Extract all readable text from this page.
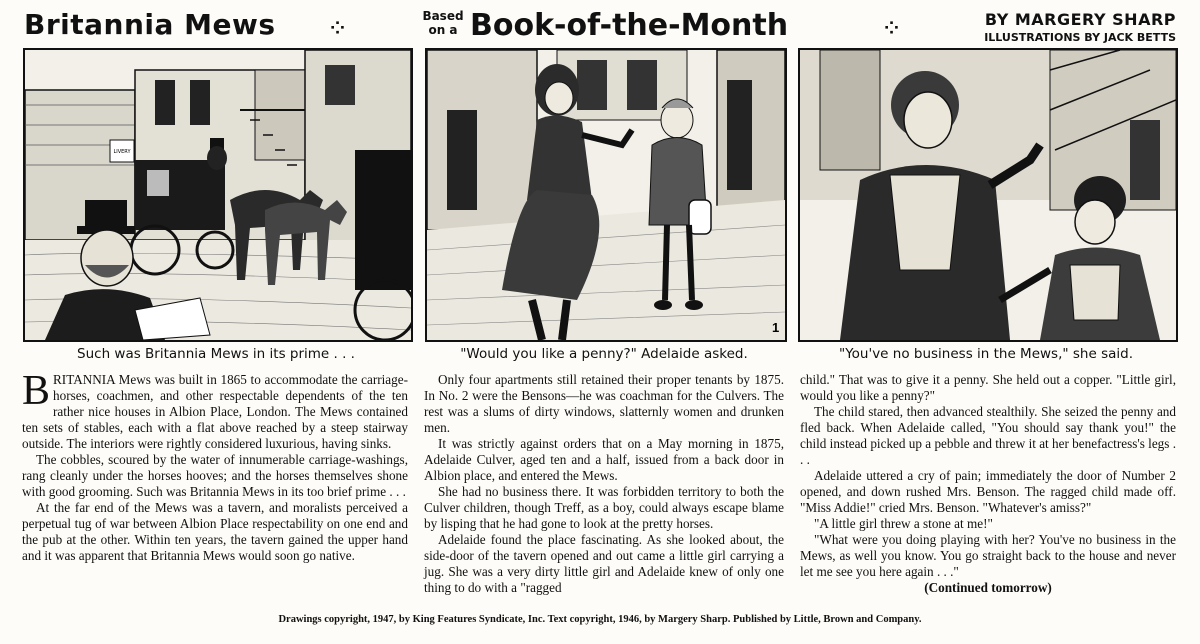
Britannia Mews	⁘
Based on a Book-of-the-Month	⁘	BY MARGERY SHARP
ILLUSTRATIONS BY JACK BETTS
LIVERY
1
Such was Britannia Mews in its prime . . .	"Would you like a penny?" Adelaide asked.	"You've no business in the Mews," she said.

BRITANNIA Mews was built in 1865 to accommodate the carriage-horses, coachmen, and other respectable dependents of the ten rather nice houses in Albion Place, London. The Mews contained ten sets of stables, each with a flat above reached by a steep stairway outside. The interiors were rightly considered luxurious, having sinks.

The cobbles, scoured by the water of innumerable carriage-washings, rang cleanly under the horses hooves; and the horses themselves shone with good grooming. Such was Britannia Mews in its too brief prime . . .

At the far end of the Mews was a tavern, and moralists perceived a perpetual tug of war between Albion Place respectability on one end and the pub at the other. Within ten years, the tavern gained the upper hand and it was apparent that Britannia Mews would soon go native.

Only four apartments still retained their proper tenants by 1875. In No. 2 were the Bensons—he was coachman for the Culvers. The rest was a slums of dirty windows, slatternly women and drunken men.

It was strictly against orders that on a May morning in 1875, Adelaide Culver, aged ten and a half, issued from a back door in Albion place, and entered the Mews.

She had no business there. It was forbidden territory to both the Culver children, though Treff, as a boy, could always escape blame by lisping that he had gone to look at the pretty horses.

Adelaide found the place fascinating. As she looked about, the side-door of the tavern opened and out came a little girl carrying a jug. She was a very dirty little girl and Adelaide knew of only one thing to do with a "ragged

child." That was to give it a penny. She held out a copper. "Little girl, would you like a penny?"

The child stared, then advanced stealthily. She seized the penny and fled back. When Adelaide called, "You should say thank you!" the child instead picked up a pebble and threw it at her benefactress's legs . . .

Adelaide uttered a cry of pain; immediately the door of Number 2 opened, and down rushed Mrs. Benson. The ragged child made off. "Miss Addie!" cried Mrs. Benson. "Whatever's amiss?"

"A little girl threw a stone at me!"

"What were you doing playing with her? You've no business in the Mews, as well you know. You go straight back to the house and never let me see you here again . . ."

(Continued tomorrow)

Drawings copyright, 1947, by King Features Syndicate, Inc. Text copyright, 1946, by Margery Sharp. Published by Little, Brown and Company.
